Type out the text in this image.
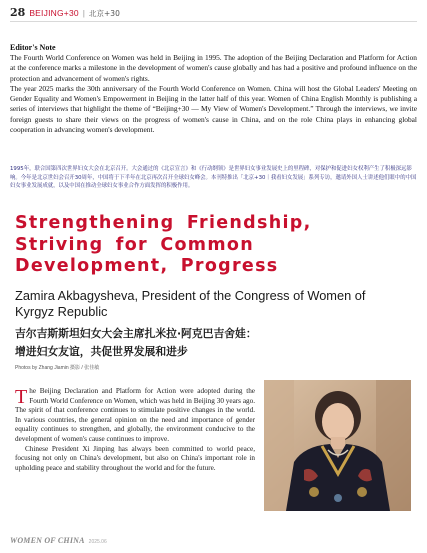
28 BEIJING+30 | 北京+30
Editor's Note

The Fourth World Conference on Women was held in Beijing in 1995. The adoption of the Beijing Declaration and Platform for Action at the conference marks a milestone in the development of women's cause globally and has had a positive and profound influence on the protection and advancement of women's rights.

The year 2025 marks the 30th anniversary of the Fourth World Conference on Women. China will host the Global Leaders' Meeting on Gender Equality and Women's Empowerment in Beijing in the latter half of this year. Women of China English Monthly is publishing a series of interviews that highlight the theme of “Beijing+30 — My View of Women's Development.” Through the interviews, we invite foreign guests to share their views on the progress of women's cause in China, and on the role China plays in enhancing global cooperation in advancing women's development.

1995年，联合国第四次世界妇女大会在北京召开。大会通过的《北京宣言》和《行动纲领》是世界妇女事业发展史上的里程碑，对保护和促进妇女权利产生了积极深远影响。今年是北京世妇会召开30周年，中国将于下半年在北京再次召开全球妇女峰会。本刊特推出「北京+30｜我看妇女发展」系列专访，邀请外国人士讲述他们眼中的中国妇女事业发展成就，以及中国在推动全球妇女事业合作方面发挥的积极作用。
Strengthening Friendship,
Striving for Common
Development, Progress
Zamira Akbagysheva, President of the Congress of Women of Kyrgyz Republic
吉尔吉斯斯坦妇女大会主席扎米拉·阿克巴吉舍娃：
增进妇女友谊，共促世界发展和进步
Photos by Zhang Jiamin 摄影 / 张佳敏

The Beijing Declaration and Platform for Action were adopted during the Fourth World Conference on Women, which was held in Beijing 30 years ago. The spirit of that conference continues to stimulate positive changes in the world. In various countries, the general opinion on the need and importance of gender equality continues to strengthen, and globally, the environment conducive to the development of women's cause continues to improve.

Chinese President Xi Jinping has always been committed to world peace, focusing not only on China's development, but also on China's important role in upholding peace and stability throughout the world and for the future.

WOMEN OF CHINA 2025.06
